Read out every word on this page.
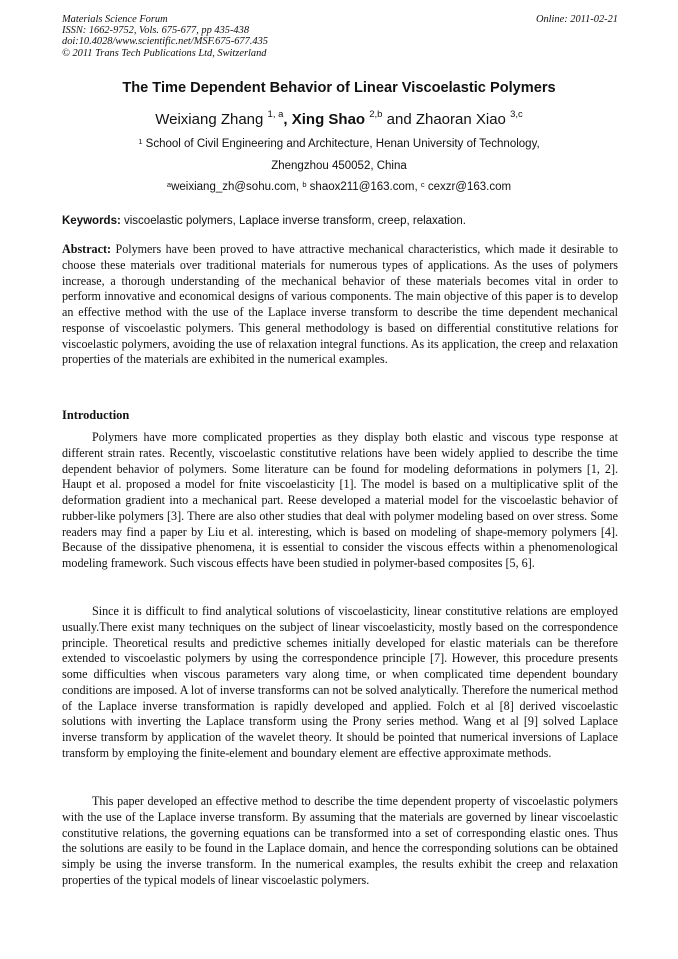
Materials Science Forum
ISSN: 1662-9752, Vols. 675-677, pp 435-438
doi:10.4028/www.scientific.net/MSF.675-677.435
© 2011 Trans Tech Publications Ltd, Switzerland
Online: 2011-02-21
The Time Dependent Behavior of Linear Viscoelastic Polymers
Weixiang Zhang $^{1, a}$, Xing Shao $^{2,b}$ and Zhaoran Xiao $^{3,c}$
$^1$ School of Civil Engineering and Architecture, Henan University of Technology,
Zhengzhou 450052, China
$^a$weixiang_zh@sohu.com, $^b$ shaox211@163.com, $^c$ cexzr@163.com
Keywords: viscoelastic polymers, Laplace inverse transform, creep, relaxation.
Abstract: Polymers have been proved to have attractive mechanical characteristics, which made it desirable to choose these materials over traditional materials for numerous types of applications. As the uses of polymers increase, a thorough understanding of the mechanical behavior of these materials becomes vital in order to perform innovative and economical designs of various components. The main objective of this paper is to develop an effective method with the use of the Laplace inverse transform to describe the time dependent mechanical response of viscoelastic polymers. This general methodology is based on differential constitutive relations for viscoelastic polymers, avoiding the use of relaxation integral functions. As its application, the creep and relaxation properties of the materials are exhibited in the numerical examples.
Introduction
Polymers have more complicated properties as they display both elastic and viscous type response at different strain rates. Recently, viscoelastic constitutive relations have been widely applied to describe the time dependent behavior of polymers. Some literature can be found for modeling deformations in polymers [1, 2]. Haupt et al. proposed a model for fnite viscoelasticity [1]. The model is based on a multiplicative split of the deformation gradient into a mechanical part. Reese developed a material model for the viscoelastic behavior of rubber-like polymers [3]. There are also other studies that deal with polymer modeling based on over stress. Some readers may find a paper by Liu et al. interesting, which is based on modeling of shape-memory polymers [4]. Because of the dissipative phenomena, it is essential to consider the viscous effects within a phenomenological modeling framework. Such viscous effects have been studied in polymer-based composites [5, 6].
Since it is difficult to find analytical solutions of viscoelasticity, linear constitutive relations are employed usually.There exist many techniques on the subject of linear viscoelasticity, mostly based on the correspondence principle. Theoretical results and predictive schemes initially developed for elastic materials can be therefore extended to viscoelastic polymers by using the correspondence principle [7]. However, this procedure presents some difficulties when viscous parameters vary along time, or when complicated time dependent boundary conditions are imposed. A lot of inverse transforms can not be solved analytically. Therefore the numerical method of the Laplace inverse transformation is rapidly developed and applied. Folch et al [8] derived viscoelastic solutions with inverting the Laplace transform using the Prony series method. Wang et al [9] solved Laplace inverse transform by application of the wavelet theory. It should be pointed that numerical inversions of Laplace transform by employing the finite-element and boundary element are effective approximate methods.
This paper developed an effective method to describe the time dependent property of viscoelastic polymers with the use of the Laplace inverse transform. By assuming that the materials are governed by linear viscoelastic constitutive relations, the governing equations can be transformed into a set of corresponding elastic ones. Thus the solutions are easily to be found in the Laplace domain, and hence the corresponding solutions can be obtained simply be using the inverse transform. In the numerical examples, the results exhibit the creep and relaxation properties of the typical models of linear viscoelastic polymers.
